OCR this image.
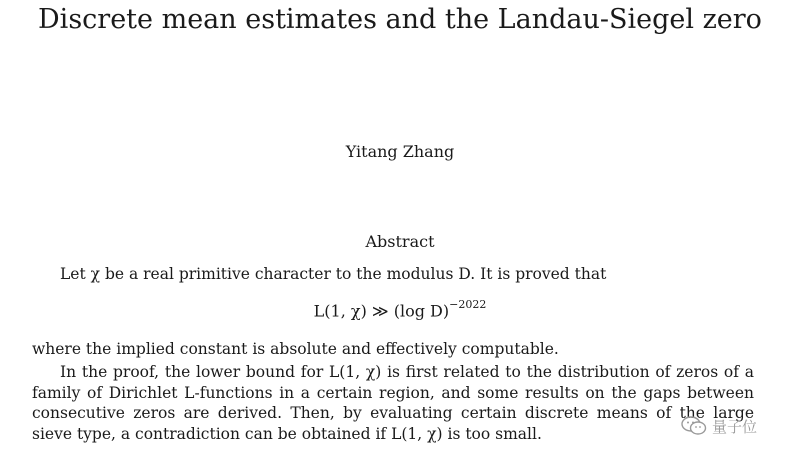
Discrete mean estimates and the Landau-Siegel zero
Yitang Zhang
Abstract
Let χ be a real primitive character to the modulus D. It is proved that
L(1, χ) ≫ (log D)$^{-2022}$
where the implied constant is absolute and effectively computable.
In the proof, the lower bound for L(1, χ) is first related to the distribution of zeros of a family of Dirichlet L-functions in a certain region, and some results on the gaps between consecutive zeros are derived. Then, by evaluating certain discrete means of the large sieve type, a contradiction can be obtained if L(1, χ) is too small.	量子位
